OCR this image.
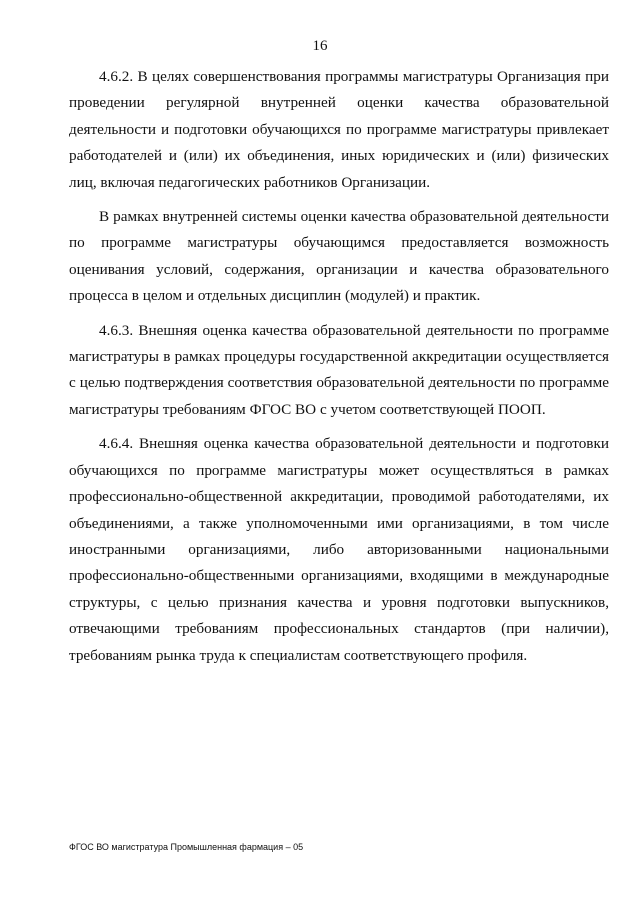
16

4.6.2. В целях совершенствования программы магистратуры Организация при проведении регулярной внутренней оценки качества образовательной деятельности и подготовки обучающихся по программе магистратуры привлекает работодателей и (или) их объединения, иных юридических и (или) физических лиц, включая педагогических работников Организации.

В рамках внутренней системы оценки качества образовательной деятельности по программе магистратуры обучающимся предоставляется возможность оценивания условий, содержания, организации и качества образовательного процесса в целом и отдельных дисциплин (модулей) и практик.

4.6.3. Внешняя оценка качества образовательной деятельности по программе магистратуры в рамках процедуры государственной аккредитации осуществляется с целью подтверждения соответствия образовательной деятельности по программе магистратуры требованиям ФГОС ВО с учетом соответствующей ПООП.

4.6.4. Внешняя оценка качества образовательной деятельности и подготовки обучающихся по программе магистратуры может осуществляться в рамках профессионально-общественной аккредитации, проводимой работодателями, их объединениями, а также уполномоченными ими организациями, в том числе иностранными организациями, либо авторизованными национальными профессионально-общественными организациями, входящими в международные структуры, с целью признания качества и уровня подготовки выпускников, отвечающими требованиям профессиональных стандартов (при наличии), требованиям рынка труда к специалистам соответствующего профиля.

ФГОС ВО магистратура Промышленная фармация – 05
